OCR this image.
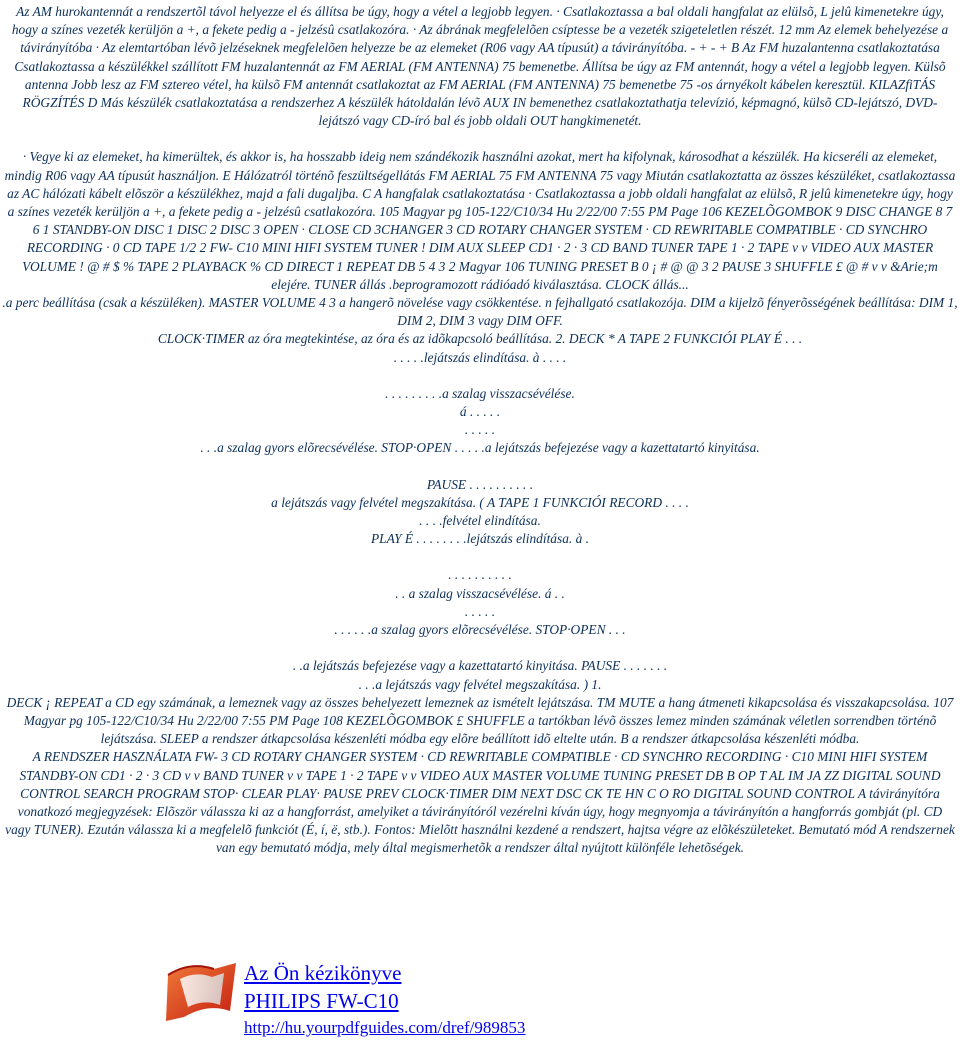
Az AM hurokantennát a rendszertõl távol helyezze el és állítsa be úgy, hogy a vétel a legjobb legyen. · Csatlakoztassa a bal oldali hangfalat az elülsõ, L jelû kimenetekre úgy, hogy a színes vezeték kerüljön a +, a fekete pedig a - jelzésû csatlakozóra. · Az ábrának megfelelõen csíptesse be a vezeték szigeteletlen részét. 12 mm Az elemek behelyezése a távirányítóba · Az elemtartóban lévõ jelzéseknek megfelelõen helyezze be az elemeket (R06 vagy AA típusút) a távirányítóba. - + - + B Az FM huzalantenna csatlakoztatása Csatlakoztassa a készülékkel szállított FM huzalantennát az FM AERIAL (FM ANTENNA) 75 bemenetbe. Állítsa be úgy az FM antennát, hogy a vétel a legjobb legyen. Külsõ antenna Jobb lesz az FM sztereo vétel, ha külsõ FM antennát csatlakoztat az FM AERIAL (FM ANTENNA) 75 bemenetbe 75 -os árnyékolt kábelen keresztül. KILAZfiTÁS RÖGZÍTÉS D Más készülék csatlakoztatása a rendszerhez A készülék hátoldalán lévõ AUX IN bemenethez csatlakoztathatja televízió, képmagnó, külsõ CD-lejátszó, DVD-lejátszó vagy CD-író bal és jobb oldali OUT hangkimenetét.

· Vegye ki az elemeket, ha kimerültek, és akkor is, ha hosszabb ideig nem szándékozik használni azokat, mert ha kifolynak, károsodhat a készülék. Ha kicseréli az elemeket, mindig R06 vagy AA típusút használjon. E Hálózatról történõ feszültségellátás FM AERIAL 75 FM ANTENNA 75 vagy Miután csatlakoztatta az összes készüléket, csatlakoztassa az AC hálózati kábelt elõször a készülékhez, majd a fali dugaljba. C A hangfalak csatlakoztatása · Csatlakoztassa a jobb oldali hangfalat az elülsõ, R jelû kimenetekre úgy, hogy a színes vezeték kerüljön a +, a fekete pedig a - jelzésû csatlakozóra. 105 Magyar pg 105-122/C10/34 Hu 2/22/00 7:55 PM Page 106 KEZELÕGOMBOK 9 DISC CHANGE 8 7 6 1 STANDBY-ON DISC 1 DISC 2 DISC 3 OPEN · CLOSE CD 3CHANGER 3 CD ROTARY CHANGER SYSTEM · CD REWRITABLE COMPATIBLE · CD SYNCHRO RECORDING · 0 CD TAPE 1/2 2 FW- C10 MINI HIFI SYSTEM TUNER ! DIM AUX SLEEP CD1 · 2 · 3 CD BAND TUNER TAPE 1 · 2 TAPE v v VIDEO AUX MASTER VOLUME ! @ # $ % TAPE 2 PLAYBACK % CD DIRECT 1 REPEAT DB 5 4 3 2 Magyar 106 TUNING PRESET B 0 ¡ # @ @ 3 2 PAUSE 3 SHUFFLE £ @ # v v &Arie;m elejére. TUNER állás .beprogramozott rádióadó kiválasztása. CLOCK állás...

.a perc beállítása (csak a készüléken). MASTER VOLUME 4 3 a hangerõ növelése vagy csökkentése. n fejhallgató csatlakozója. DIM a kijelzõ fényerõsségének beállítása: DIM 1, DIM 2, DIM 3 vagy DIM OFF.
CLOCK·TIMER az óra megtekintése, az óra és az idõkapcsoló beállítása. 2. DECK * A TAPE 2 FUNKCIÓI PLAY É . . .
. . . . .lejátszás elindítása. à . . . .
. . . . . . . . .a szalag visszacsévélése.
á . . . . .
. . . . .
. . .a szalag gyors elõrecsévélése. STOP·OPEN . . . . .a lejátszás befejezése vagy a kazettatartó kinyitása.
PAUSE . . . . . . . . . .
a lejátszás vagy felvétel megszakítása. ( A TAPE 1 FUNKCIÓI RECORD . . . .
. . . .felvétel elindítása.
PLAY É . . . . . . . .lejátszás elindítása. à .
. . . . . . . . . .
. . a szalag visszacsévélése. á . .
. . . . .
. . . . . .a szalag gyors elõrecsévélése. STOP·OPEN . . .
. .a lejátszás befejezése vagy a kazettatartó kinyitása. PAUSE . . . . . . .
. . .a lejátszás vagy felvétel megszakítása. ) 1.

DECK ¡ REPEAT a CD egy számának, a lemeznek vagy az összes behelyezett lemeznek az ismételt lejátszása. TM MUTE a hang átmeneti kikapcsolása és visszakapcsolása. 107 Magyar pg 105-122/C10/34 Hu 2/22/00 7:55 PM Page 108 KEZELÕGOMBOK £ SHUFFLE a tartókban lévõ összes lemez minden számának véletlen sorrendben történõ lejátszása. SLEEP a rendszer átkapcsolása készenléti módba egy elõre beállított idõ eltelte után. B a rendszer átkapcsolása készenléti módba.

A RENDSZER HASZNÁLATA FW- 3 CD ROTARY CHANGER SYSTEM · CD REWRITABLE COMPATIBLE · CD SYNCHRO RECORDING · C10 MINI HIFI SYSTEM STANDBY-ON CD1 · 2 · 3 CD v v BAND TUNER v v TAPE 1 · 2 TAPE v v VIDEO AUX MASTER VOLUME TUNING PRESET DB B OP T AL IM JA ZZ DIGITAL SOUND CONTROL SEARCH PROGRAM STOP· CLEAR PLAY· PAUSE PREV CLOCK·TIMER DIM NEXT DSC CK TE HN C O RO DIGITAL SOUND CONTROL A távirányítóra vonatkozó megjegyzések: Elõször válassza ki az a hangforrást, amelyiket a távirányítóról vezérelni kíván úgy, hogy megnyomja a távirányítón a hangforrás gombját (pl. CD vagy TUNER). Ezután válassza ki a megfelelõ funkciót (É, í, ë, stb.). Fontos: Mielõtt használni kezdené a rendszert, hajtsa végre az elõkészületeket. Bemutató mód A rendszernek van egy bemutató módja, mely által megismerhetõk a rendszer által nyújtott különféle lehetõségek.

Az Ön kézikönyve
PHILIPS FW-C10
http://hu.yourpdfguides.com/dref/989853
